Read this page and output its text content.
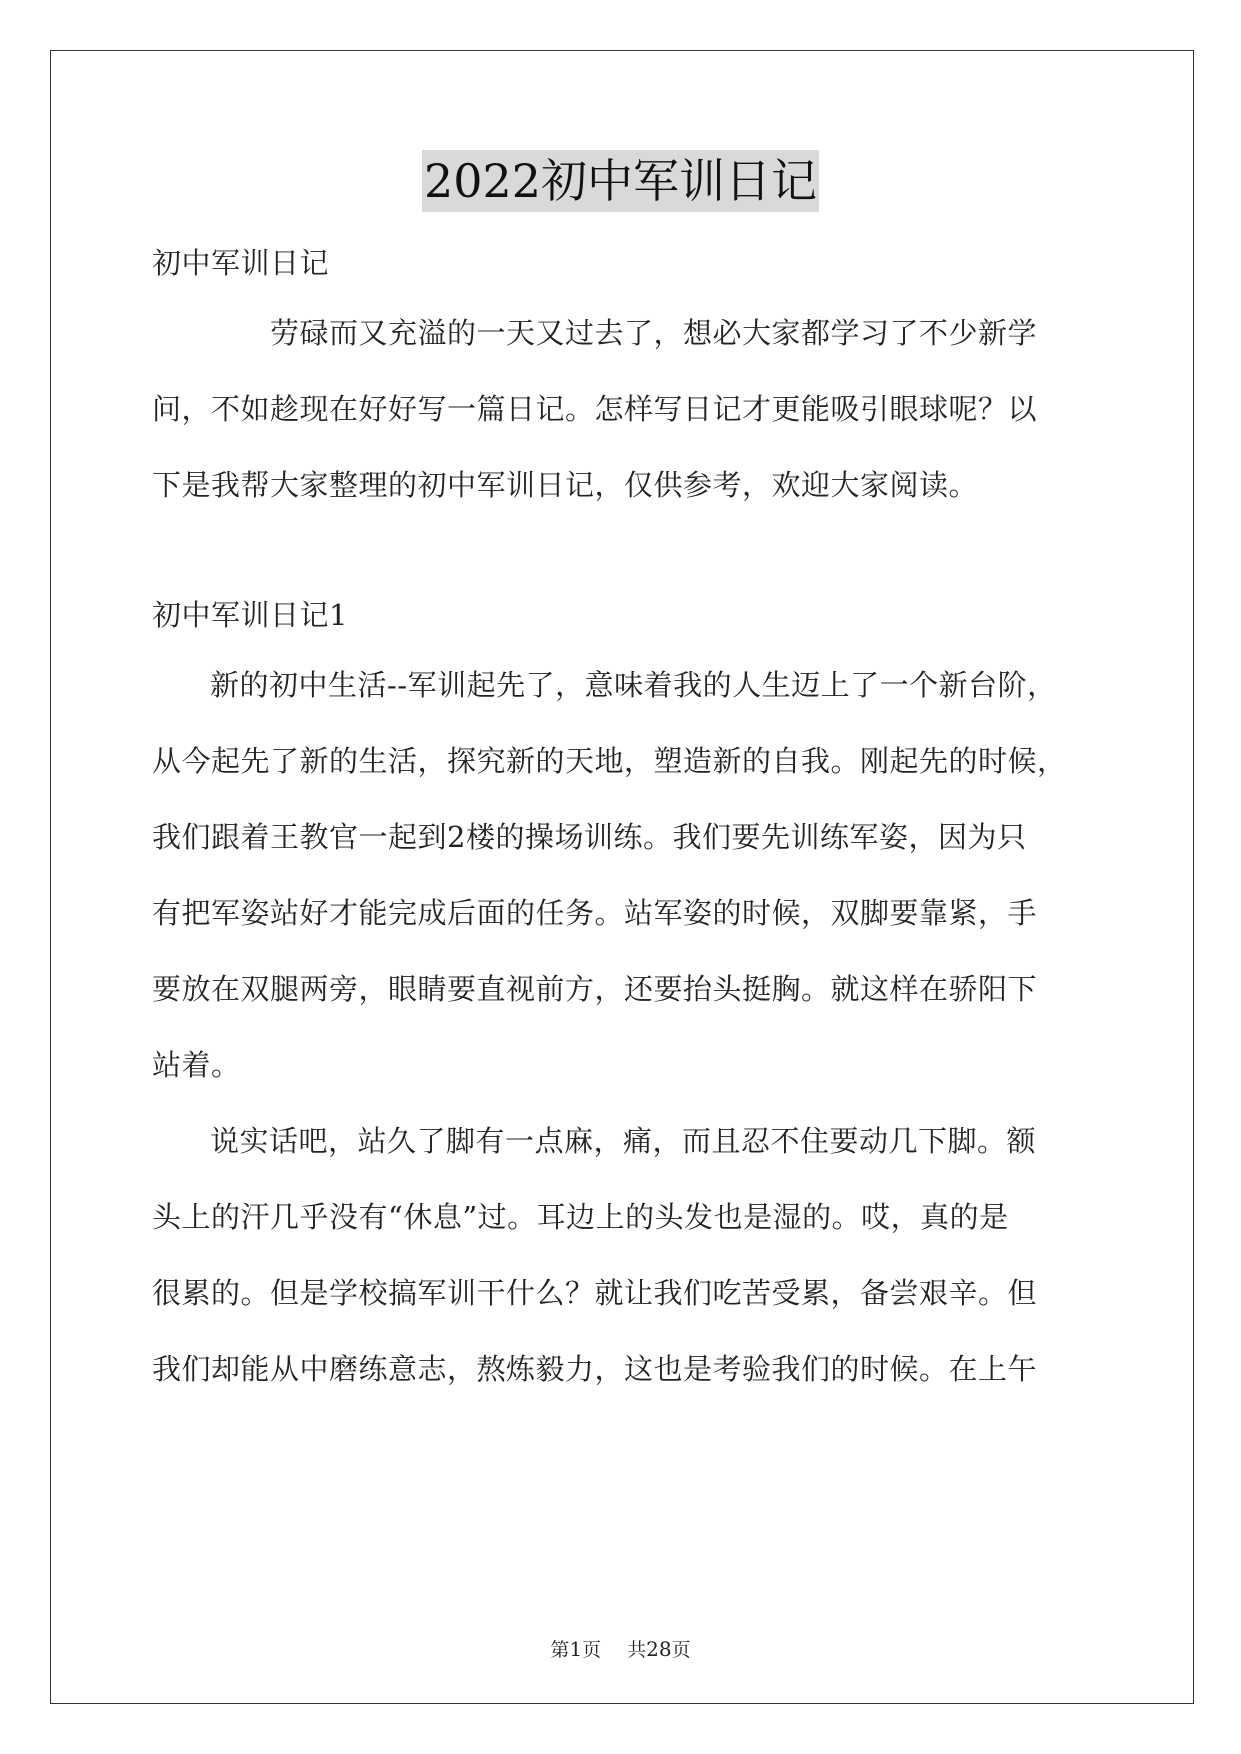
2022初中军训日记
初中军训日记
劳碌而又充溢的一天又过去了，想必大家都学习了不少新学
问，不如趁现在好好写一篇日记。怎样写日记才更能吸引眼球呢？以
下是我帮大家整理的初中军训日记，仅供参考，欢迎大家阅读。
初中军训日记1
新的初中生活--军训起先了，意味着我的人生迈上了一个新台阶，
从今起先了新的生活，探究新的天地，塑造新的自我。刚起先的时候，
我们跟着王教官一起到2楼的操场训练。我们要先训练军姿，因为只
有把军姿站好才能完成后面的任务。站军姿的时候，双脚要靠紧，手
要放在双腿两旁，眼睛要直视前方，还要抬头挺胸。就这样在骄阳下
站着。
说实话吧，站久了脚有一点麻，痛，而且忍不住要动几下脚。额
头上的汗几乎没有“休息”过。耳边上的头发也是湿的。哎，真的是
很累的。但是学校搞军训干什么？就让我们吃苦受累，备尝艰辛。但
我们却能从中磨练意志，熬炼毅力，这也是考验我们的时候。在上午
第1页 共28页
